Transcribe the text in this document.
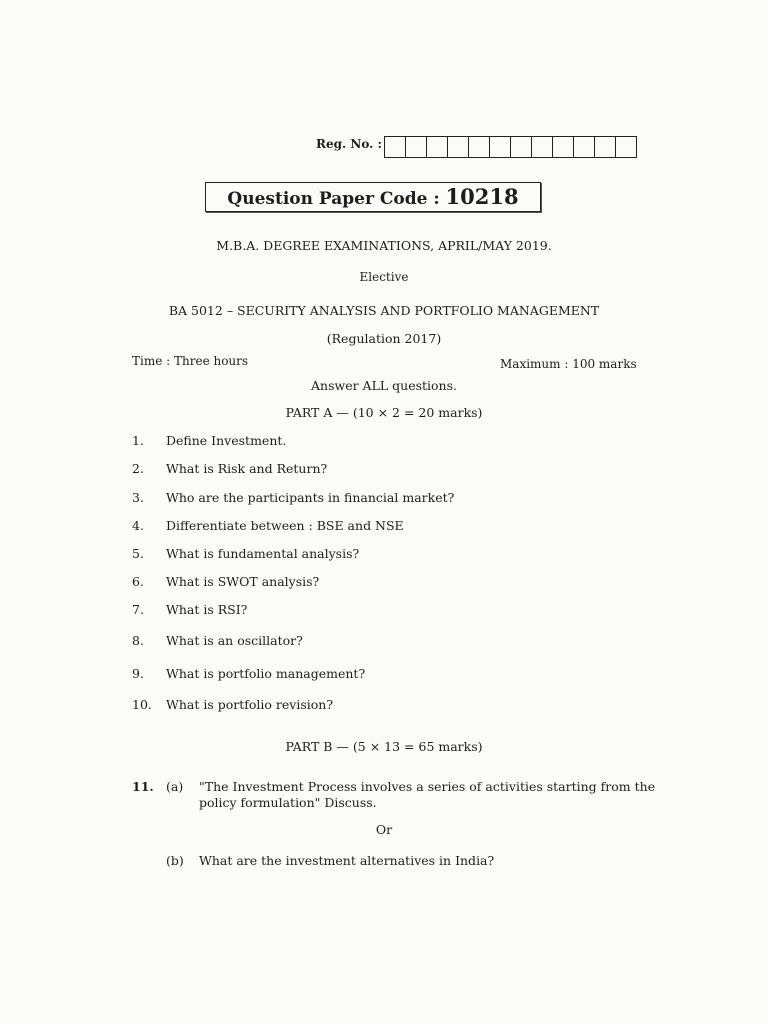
Reg. No. :
Question Paper Code : 10218
M.B.A. DEGREE EXAMINATIONS, APRIL/MAY 2019.
Elective
BA 5012 – SECURITY ANALYSIS AND PORTFOLIO MANAGEMENT
(Regulation 2017)
Time : Three hours	Maximum : 100 marks
Answer ALL questions.
PART A — (10 × 2 = 20 marks)
1. Define Investment.
2. What is Risk and Return?
3. Who are the participants in financial market?
4. Differentiate between : BSE and NSE
5. What is fundamental analysis?
6. What is SWOT analysis?
7. What is RSI?
8. What is an oscillator?
9. What is portfolio management?
10. What is portfolio revision?
PART B — (5 × 13 = 65 marks)
11. (a) "The Investment Process involves a series of activities starting from the
policy formulation" Discuss.
Or
(b) What are the investment alternatives in India?
